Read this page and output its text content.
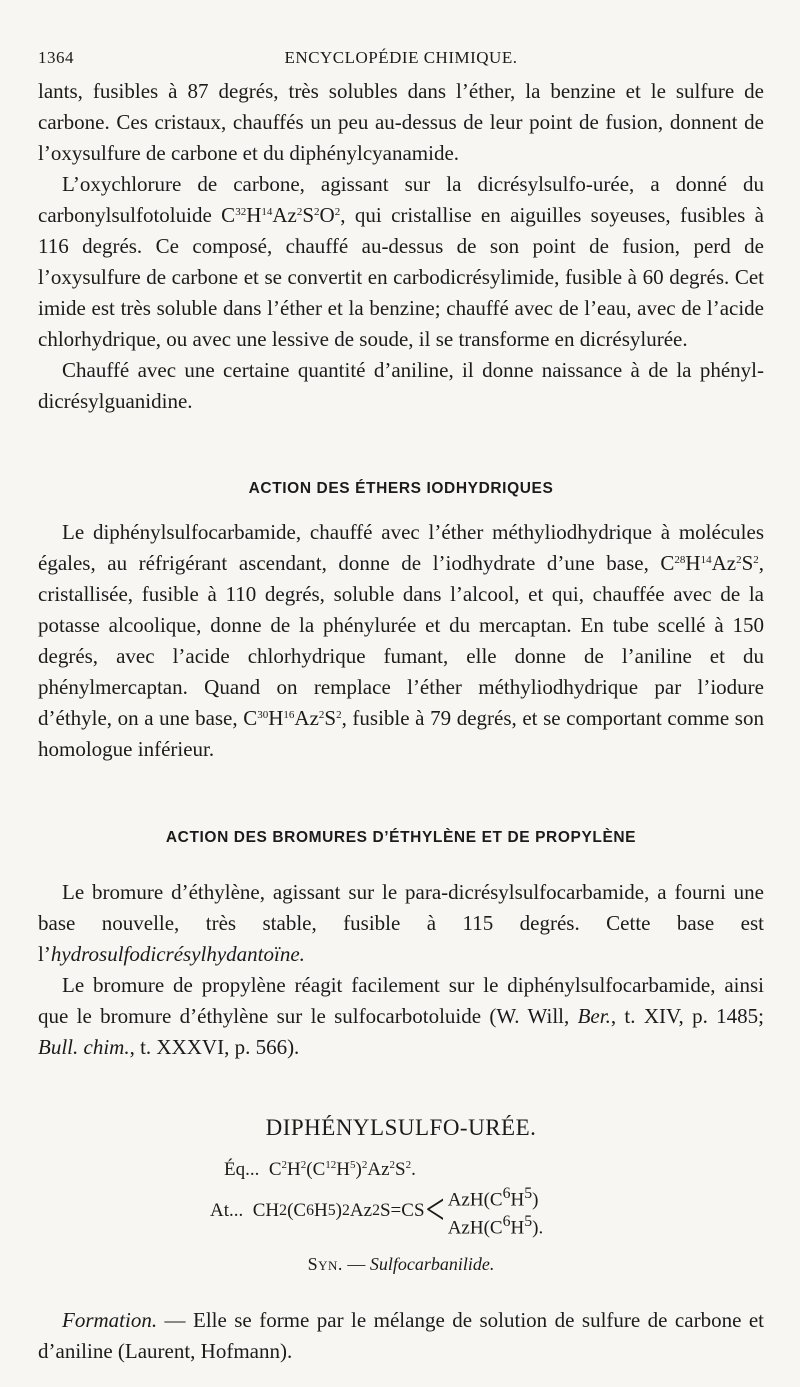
1364	ENCYCLOPÉDIE CHIMIQUE.

lants, fusibles à 87 degrés, très solubles dans l’éther, la benzine et le sulfure de carbone. Ces cristaux, chauffés un peu au-dessus de leur point de fusion, donnent de l’oxysulfure de carbone et du diphénylcyanamide.

L’oxychlorure de carbone, agissant sur la dicrésylsulfo-urée, a donné du carbonylsulfotoluide $C^{32}H^{14}Az^2S^2O^2$, qui cristallise en aiguilles soyeuses, fusibles à 116 degrés. Ce composé, chauffé au-dessus de son point de fusion, perd de l’oxysulfure de carbone et se convertit en carbodicrésylimide, fusible à 60 degrés. Cet imide est très soluble dans l’éther et la benzine; chauffé avec de l’eau, avec de l’acide chlorhydrique, ou avec une lessive de soude, il se transforme en dicrésylurée.

Chauffé avec une certaine quantité d’aniline, il donne naissance à de la phényl-dicrésylguanidine.

ACTION DES ÉTHERS IODHYDRIQUES

Le diphénylsulfocarbamide, chauffé avec l’éther méthyliodhydrique à molécules égales, au réfrigérant ascendant, donne de l’iodhydrate d’une base, $C^{28}H^{14}Az^2S^2$, cristallisée, fusible à 110 degrés, soluble dans l’alcool, et qui, chauffée avec de la potasse alcoolique, donne de la phénylurée et du mercaptan. En tube scellé à 150 degrés, avec l’acide chlorhydrique fumant, elle donne de l’aniline et du phénylmercaptan. Quand on remplace l’éther méthyliodhydrique par l’iodure d’éthyle, on a une base, $C^{30}H^{16}Az^2S^2$, fusible à 79 degrés, et se comportant comme son homologue inférieur.

ACTION DES BROMURES D’ÉTHYLÈNE ET DE PROPYLÈNE

Le bromure d’éthylène, agissant sur le para-dicrésylsulfocarbamide, a fourni une base nouvelle, très stable, fusible à 115 degrés. Cette base est l’hydrosulfodicrésylhydantoïne.

Le bromure de propylène réagit facilement sur le diphénylsulfocarbamide, ainsi que le bromure d’éthylène sur le sulfocarbotoluide (W. Will, Ber., t. XIV, p. 1485; Bull. chim., t. XXXVI, p. 566).

DIPHÉNYLSULFO-URÉE.
Éq...  $C^2H^2(C^{12}H^5)^2Az^2S^2$.
At... CH 2 (C 6 H 5 ) 2 Az 2 $S=CS < AzH(C^6H^5)$
$AzH(C^6H^5)$.
Syn. — Sulfocarbanilide.

Formation. — Elle se forme par le mélange de solution de sulfure de carbone et d’aniline (Laurent, Hofmann).
